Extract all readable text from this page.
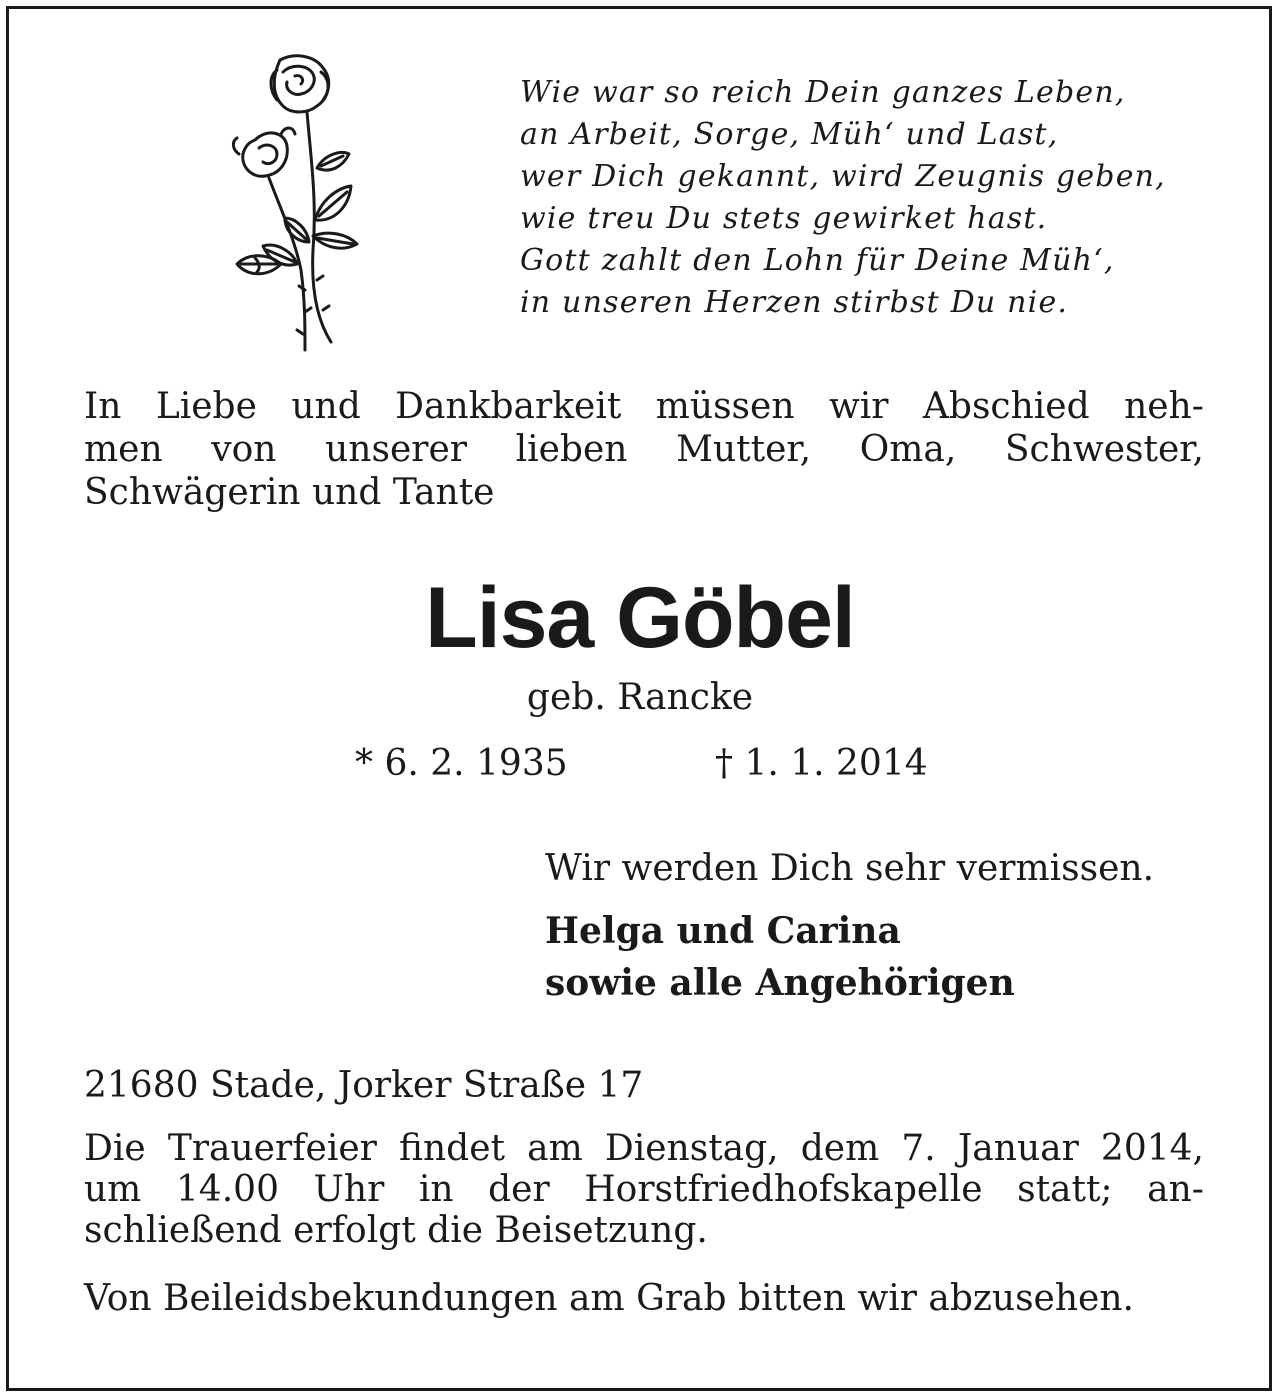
Wie war so reich Dein ganzes Leben,
an Arbeit, Sorge, Müh‘ und Last,
wer Dich gekannt, wird Zeugnis geben,
wie treu Du stets gewirket hast.
Gott zahlt den Lohn für Deine Müh‘,
in unseren Herzen stirbst Du nie.
In Liebe und Dankbarkeit müssen wir Abschied neh-
men von unserer lieben Mutter, Oma, Schwester,
Schwägerin und Tante
Lisa Göbel
geb. Rancke
* 6. 2. 1935	† 1. 1. 2014
Wir werden Dich sehr vermissen.
Helga und Carina
sowie alle Angehörigen
21680 Stade, Jorker Straße 17
Die Trauerfeier findet am Dienstag, dem 7. Januar 2014,
um 14.00 Uhr in der Horstfriedhofskapelle statt; an-
schließend erfolgt die Beisetzung.
Von Beileidsbekundungen am Grab bitten wir abzusehen.
